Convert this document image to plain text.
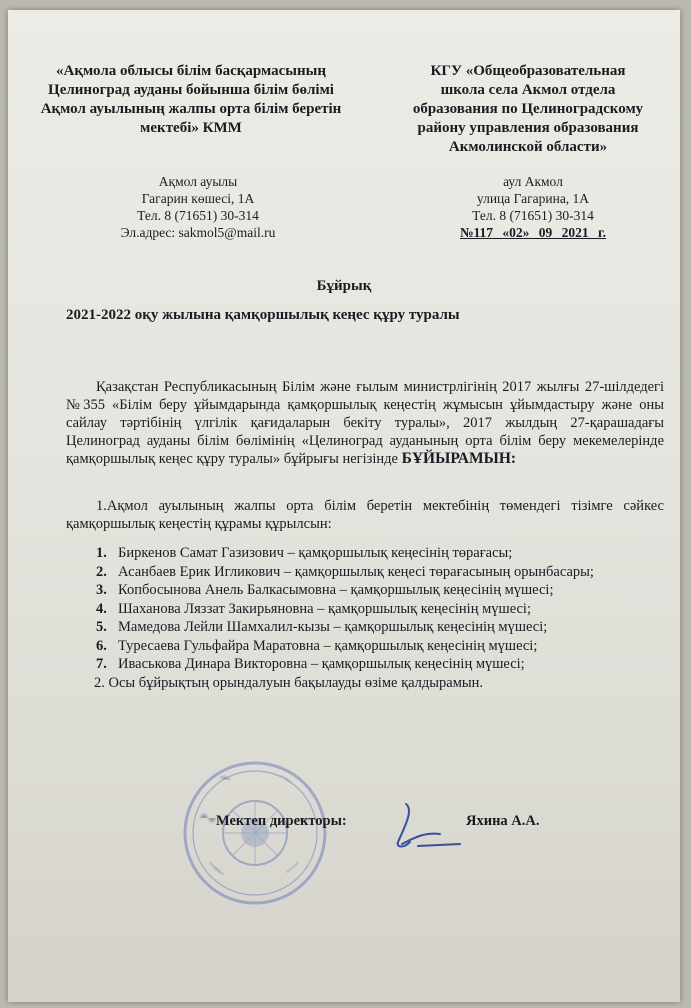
«Ақмола облысы білім басқармасының
Целиноград ауданы бойынша білім бөлімі
Ақмол ауылының жалпы орта білім беретін
мектебі» КММ
КГУ «Общеобразовательная
школа села Акмол отдела
образования по Целиноградскому
району управления образования
Акмолинской области»
Ақмол ауылы
Гагарин көшесі, 1А
Тел. 8 (71651) 30-314
Эл.адрес: sakmol5@mail.ru
аул Акмол
улица Гагарина, 1А
Тел. 8 (71651) 30-314
№117 «02» 09 2021 г.
Бұйрық
2021-2022 оқу жылына қамқоршылық кеңес құру туралы
Қазақстан Республикасының Білім және ғылым министрлігінің 2017 жылғы 27-шілдедегі №355 «Білім беру ұйымдарында қамқоршылық кеңестің жұмысын ұйымдастыру және оны сайлау тәртібінің үлгілік қағидаларын бекіту туралы», 2017 жылдың 27-қарашадағы Целиноград ауданы білім бөлімінің «Целиноград ауданының орта білім беру мекемелерінде қамқоршылық кеңес құру туралы» бұйрығы негізінде БҰЙЫРАМЫН:
1.Ақмол ауылының жалпы орта білім беретін мектебінің төмендегі тізімге сәйкес қамқоршылық кеңестің құрамы құрылсын:
1. Биркенов Самат Газизович – қамқоршылық кеңесінің төрағасы;
2. Асанбаев Ерик Игликович – қамқоршылық кеңесі төрағасының орынбасары;
3. Копбосынова Анель Балкасымовна – қамқоршылық кеңесінің мүшесі;
4. Шаханова Ляззат Закирьяновна – қамқоршылық кеңесінің мүшесі;
5. Мамедова Лейли Шамхалил-кызы – қамқоршылық кеңесінің мүшесі;
6. Туресаева Гульфайра Маратовна – қамқоршылық кеңесінің мүшесі;
7. Иваськова Динара Викторовна – қамқоршылық кеңесінің мүшесі;
2. Осы бұйрықтың орындалуын бақылауды өзіме қалдырамын.
Мектеп директоры:	Яхина А.А.
